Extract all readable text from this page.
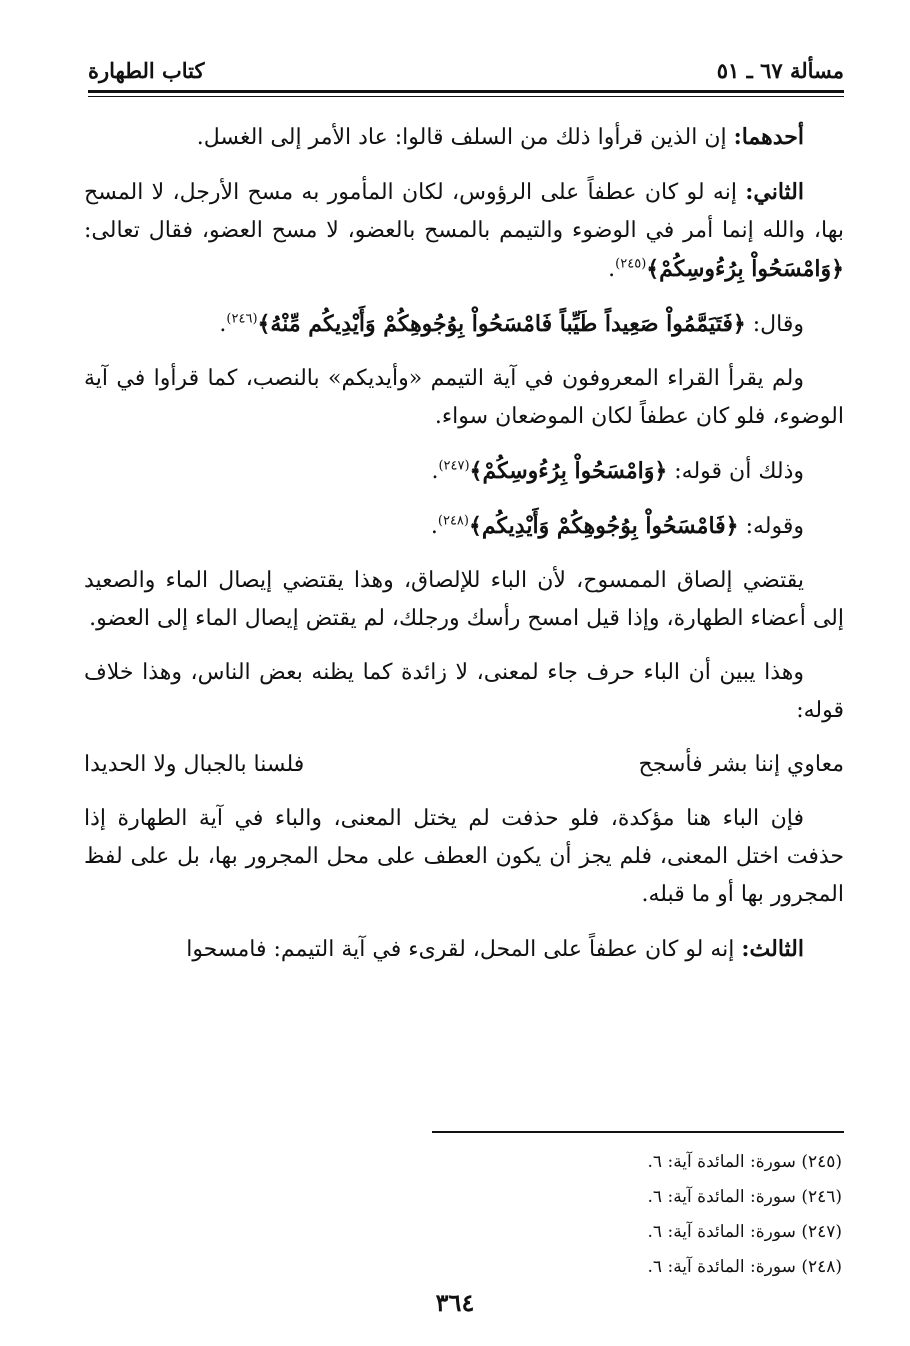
مسألة ٦٧ ـ ٥١
كتاب الطهارة

أحدهما: إن الذين قرأوا ذلك من السلف قالوا: عاد الأمر إلى الغسل.

الثاني: إنه لو كان عطفاً على الرؤوس، لكان المأمور به مسح الأرجل، لا المسح بها، والله إنما أمر في الوضوء والتيمم بالمسح بالعضو، لا مسح العضو، فقال تعالى: ﴿وَامْسَحُواْ بِرُءُوسِكُمْ﴾$^{(٢٤٥)}$.

وقال: ﴿فَتَيَمَّمُواْ صَعِيداً طَيِّباً فَامْسَحُواْ بِوُجُوهِكُمْ وَأَيْدِيكُم مِّنْهُ﴾$^{(٢٤٦)}$.

ولم يقرأ القراء المعروفون في آية التيمم «وأيديكم» بالنصب، كما قرأوا في آية الوضوء، فلو كان عطفاً لكان الموضعان سواء.

وذلك أن قوله: ﴿وَامْسَحُواْ بِرُءُوسِكُمْ﴾$^{(٢٤٧)}$.

وقوله: ﴿فَامْسَحُواْ بِوُجُوهِكُمْ وَأَيْدِيكُم﴾$^{(٢٤٨)}$.

يقتضي إلصاق الممسوح، لأن الباء للإلصاق، وهذا يقتضي إيصال الماء والصعيد إلى أعضاء الطهارة، وإذا قيل امسح رأسك ورجلك، لم يقتض إيصال الماء إلى العضو.

وهذا يبين أن الباء حرف جاء لمعنى، لا زائدة كما يظنه بعض الناس، وهذا خلاف قوله:

معاوي إننا بشر فأسجح
فلسنا بالجبال ولا الحديدا

فإن الباء هنا مؤكدة، فلو حذفت لم يختل المعنى، والباء في آية الطهارة إذا حذفت اختل المعنى، فلم يجز أن يكون العطف على محل المجرور بها، بل على لفظ المجرور بها أو ما قبله.

الثالث: إنه لو كان عطفاً على المحل، لقرىء في آية التيمم: فامسحوا

(٢٤٥) سورة: المائدة آية: ٦.
(٢٤٦) سورة: المائدة آية: ٦.
(٢٤٧) سورة: المائدة آية: ٦.
(٢٤٨) سورة: المائدة آية: ٦.
٣٦٤
